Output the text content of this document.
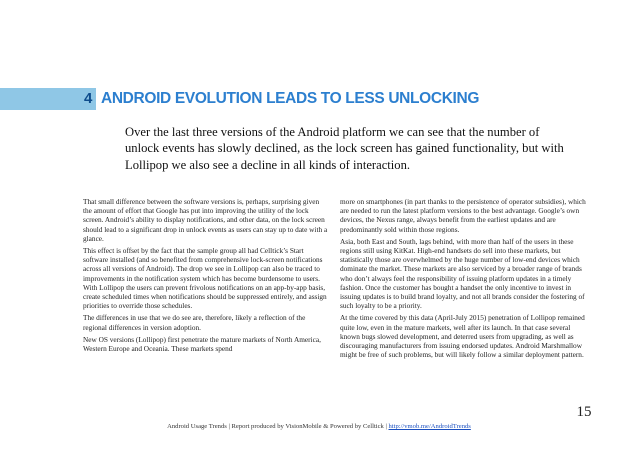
4 ANDROID EVOLUTION LEADS TO LESS UNLOCKING
Over the last three versions of the Android platform we can see that the number of unlock events has slowly declined, as the lock screen has gained functionality, but with Lollipop we also see a decline in all kinds of interaction.

That small difference between the software versions is, perhaps, surprising given the amount of effort that Google has put into improving the utility of the lock screen. Android’s ability to display notifications, and other data, on the lock screen should lead to a significant drop in unlock events as users can stay up to date with a glance.

This effect is offset by the fact that the sample group all had Celltick’s Start software installed (and so benefited from comprehensive lock-screen notifications across all versions of Android). The drop we see in Lollipop can also be traced to improvements in the notification system which has become burdensome to users. With Lollipop the users can prevent frivolous notifications on an app-by-app basis, create scheduled times when notifications should be suppressed entirely, and assign priorities to override those schedules.

The differences in use that we do see are, therefore, likely a reflection of the regional differences in version adoption.

New OS versions (Lollipop) first penetrate the mature markets of North America, Western Europe and Oceania. These markets spend

more on smartphones (in part thanks to the persistence of operator subsidies), which are needed to run the latest platform versions to the best advantage. Google’s own devices, the Nexus range, always benefit from the earliest updates and are predominantly sold within those regions.

Asia, both East and South, lags behind, with more than half of the users in these regions still using KitKat. High-end handsets do sell into these markets, but statistically those are overwhelmed by the huge number of low-end devices which dominate the market. These markets are also serviced by a broader range of brands who don’t always feel the responsibility of issuing platform updates in a timely fashion. Once the customer has bought a handset the only incentive to invest in issuing updates is to build brand loyalty, and not all brands consider the fostering of such loyalty to be a priority.

At the time covered by this data (April-July 2015) penetration of Lollipop remained quite low, even in the mature markets, well after its launch. In that case several known bugs slowed development, and deterred users from upgrading, as well as discouraging manufacturers from issuing endorsed updates. Android Marshmallow might be free of such problems, but will likely follow a similar deployment pattern.

15
Android Usage Trends | Report produced by VisionMobile & Powered by Celltick | http://vmob.me/AndroidTrends
